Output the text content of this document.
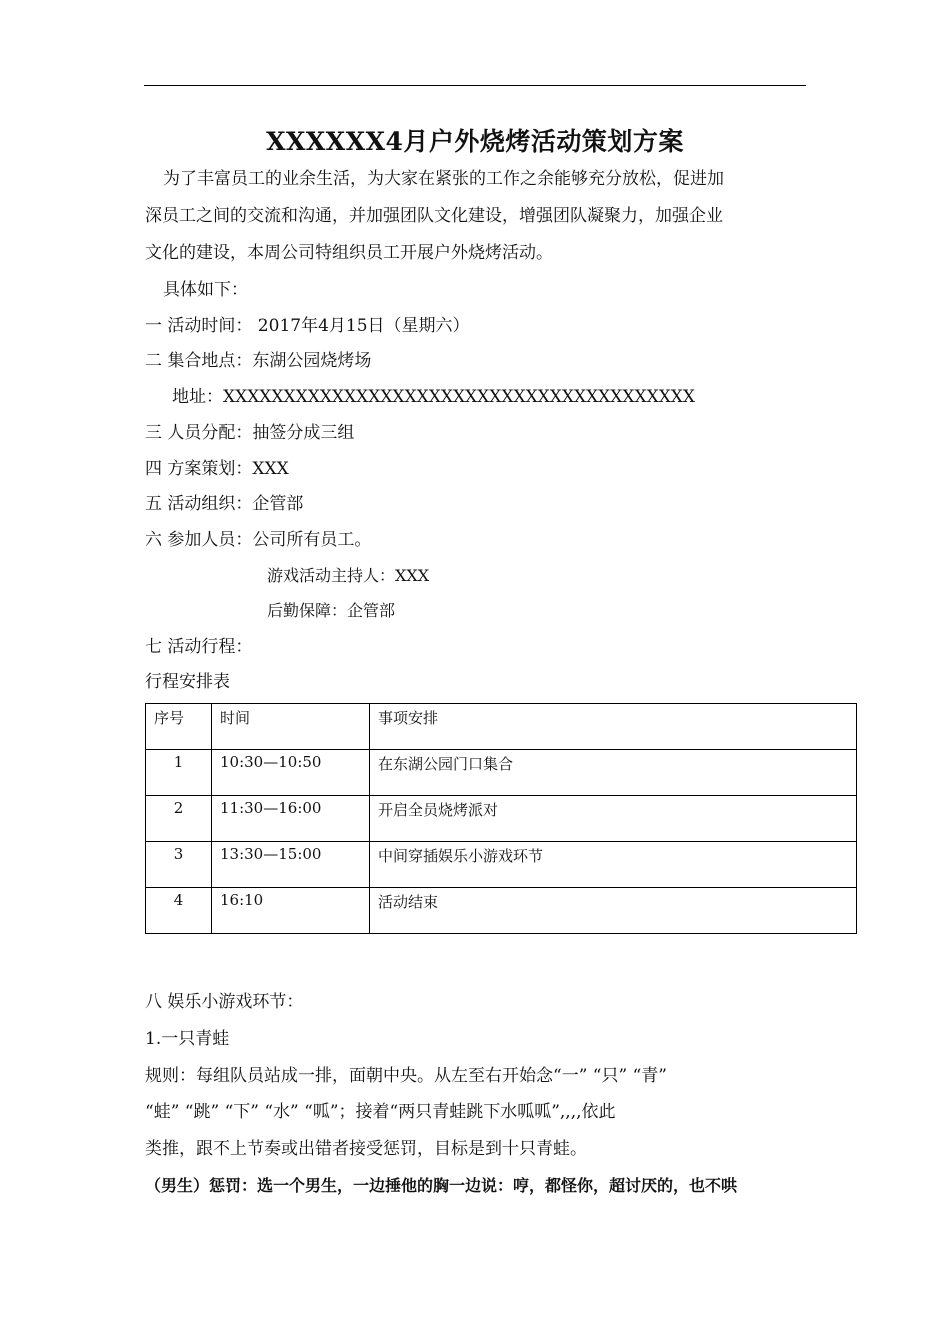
XXXXXX4月户外烧烤活动策划方案
为了丰富员工的业余生活，为大家在紧张的工作之余能够充分放松，促进加
深员工之间的交流和沟通，并加强团队文化建设，增强团队凝聚力，加强企业
文化的建设，本周公司特组织员工开展户外烧烤活动。
具体如下：
一 活动时间： 2017年4月15日（星期六）
二 集合地点：东湖公园烧烤场
地址：XXXXXXXXXXXXXXXXXXXXXXXXXXXXXXXXXXXXXXX
三 人员分配：抽签分成三组
四 方案策划：XXX
五 活动组织：企管部
六 参加人员：公司所有员工。
游戏活动主持人：XXX
后勤保障：企管部
七 活动行程：
行程安排表
序号	时间	事项安排
1	10:30—10:50	在东湖公园门口集合
2	11:30—16:00	开启全员烧烤派对
3	13:30—15:00	中间穿插娱乐小游戏环节
4	16:10	活动结束
八 娱乐小游戏环节：
1.一只青蛙
规则：每组队员站成一排，面朝中央。从左至右开始念“一” “只” “青”
“蛙” “跳” “下” “水” “呱”；接着“两只青蛙跳下水呱呱”,,,,依此
类推，跟不上节奏或出错者接受惩罚，目标是到十只青蛙。
（男生）惩罚：选一个男生，一边捶他的胸一边说：哼，都怪你，超讨厌的，也不哄
